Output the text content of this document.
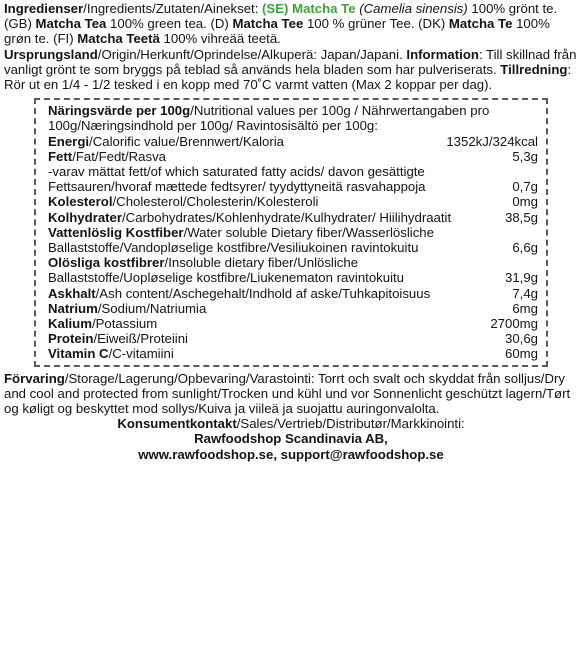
Ingredienser/Ingredients/Zutaten/Ainekset: (SE) Matcha Te (Camelia sinensis) 100% grönt te. (GB) Matcha Tea 100% green tea. (D) Matcha Tee 100 % grüner Tee. (DK) Matcha Te 100% grøn te. (FI) Matcha Teetä 100% vihreää teetä. Ursprungsland/Origin/Herkunft/Oprindelse/Alkuperä: Japan/Japani. Information: Till skillnad från vanligt grönt te som bryggs på teblad så används hela bladen som har pulveriserats. Tillredning: Rör ut en 1/4 - 1/2 tesked i en kopp med 70˚C varmt vatten (Max 2 koppar per dag).

Näringsvärde per 100g/Nutritional values per 100g / Nährwertangaben pro 100g/Næringsindhold per 100g/ Ravintosisältö per 100g:
Energi/Calorific value/Brennwert/Kaloria	1352kJ/324kcal
Fett/Fat/Fedt/Rasva	5,3g
-varav mättat fett/of which saturated fatty acids/ davon gesättigte Fettsauren/hvoraf mættede fedtsyrer/ tyydyttyneitä rasvahappoja	0,7g
Kolesterol/Cholesterol/Cholesterin/Kolesteroli	0mg
Kolhydrater/Carbohydrates/Kohlenhydrate/Kulhydrater/ Hiilihydraatit	38,5g
Vattenlöslig Kostfiber/Water soluble Dietary fiber/Wasserlösliche Ballaststoffe/Vandopløselige kostfibre/Vesiliukoinen ravintokuitu	6,6g
Olösliga kostfibrer/Insoluble dietary fiber/Unlösliche Ballaststoffe/Uopløselige kostfibre/Liukenematon ravintokuitu	31,9g
Askhalt/Ash content/Aschegehalt/Indhold af aske/Tuhkapitoisuus	7,4g
Natrium/Sodium/Natriumia	6mg
Kalium/Potassium	2700mg
Protein/Eiweiß/Proteiini	30,6g
Vitamin C/C-vitamiini	60mg

Förvaring/Storage/Lagerung/Opbevaring/Varastointi: Torrt och svalt och skyddat från solljus/Dry and cool and protected from sunlight/Trocken und kühl und vor Sonnenlicht geschützt lagern/Tørt og køligt og beskyttet mod sollys/Kuiva ja viileä ja suojattu auringonvalolta.

Konsumentkontakt/Sales/Vertrieb/Distributør/Markkinointi:
Rawfoodshop Scandinavia AB,
www.rawfoodshop.se, support@rawfoodshop.se
